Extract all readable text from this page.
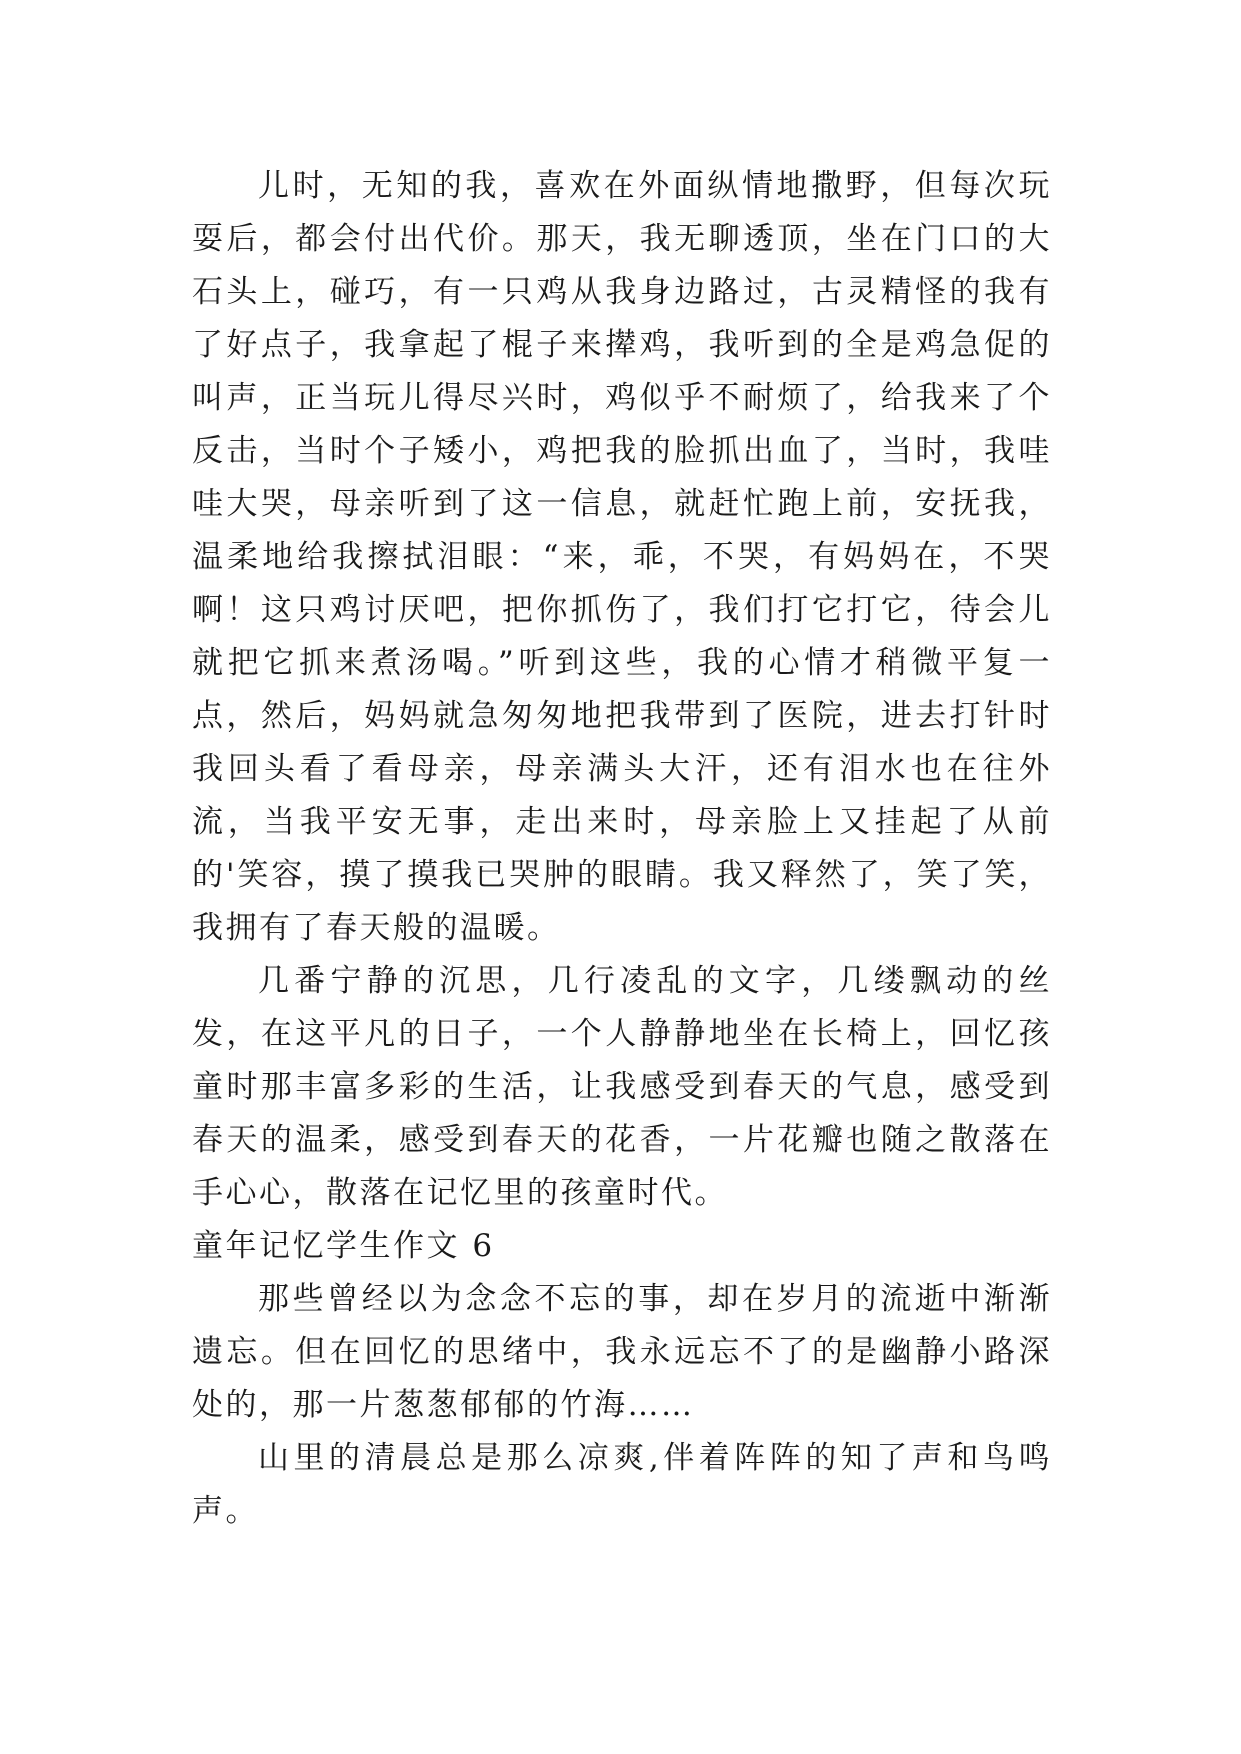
儿时，无知的我，喜欢在外面纵情地撒野，但每次玩耍后，都会付出代价。那天，我无聊透顶，坐在门口的大石头上，碰巧，有一只鸡从我身边路过，古灵精怪的我有了好点子，我拿起了棍子来撵鸡，我听到的全是鸡急促的叫声，正当玩儿得尽兴时，鸡似乎不耐烦了，给我来了个反击，当时个子矮小，鸡把我的脸抓出血了，当时，我哇哇大哭，母亲听到了这一信息，就赶忙跑上前，安抚我，温柔地给我擦拭泪眼：“来，乖，不哭，有妈妈在，不哭啊！这只鸡讨厌吧，把你抓伤了，我们打它打它，待会儿就把它抓来煮汤喝。”听到这些，我的心情才稍微平复一点，然后，妈妈就急匆匆地把我带到了医院，进去打针时我回头看了看母亲，母亲满头大汗，还有泪水也在往外流，当我平安无事，走出来时，母亲脸上又挂起了从前的'笑容，摸了摸我已哭肿的眼睛。我又释然了，笑了笑，我拥有了春天般的温暖。

几番宁静的沉思，几行凌乱的文字，几缕飘动的丝发，在这平凡的日子，一个人静静地坐在长椅上，回忆孩童时那丰富多彩的生活，让我感受到春天的气息，感受到春天的温柔，感受到春天的花香，一片花瓣也随之散落在手心心，散落在记忆里的孩童时代。

童年记忆学生作文 6

那些曾经以为念念不忘的事，却在岁月的流逝中渐渐遗忘。但在回忆的思绪中，我永远忘不了的是幽静小路深处的，那一片葱葱郁郁的竹海……

山里的清晨总是那么凉爽,伴着阵阵的知了声和鸟鸣声。
